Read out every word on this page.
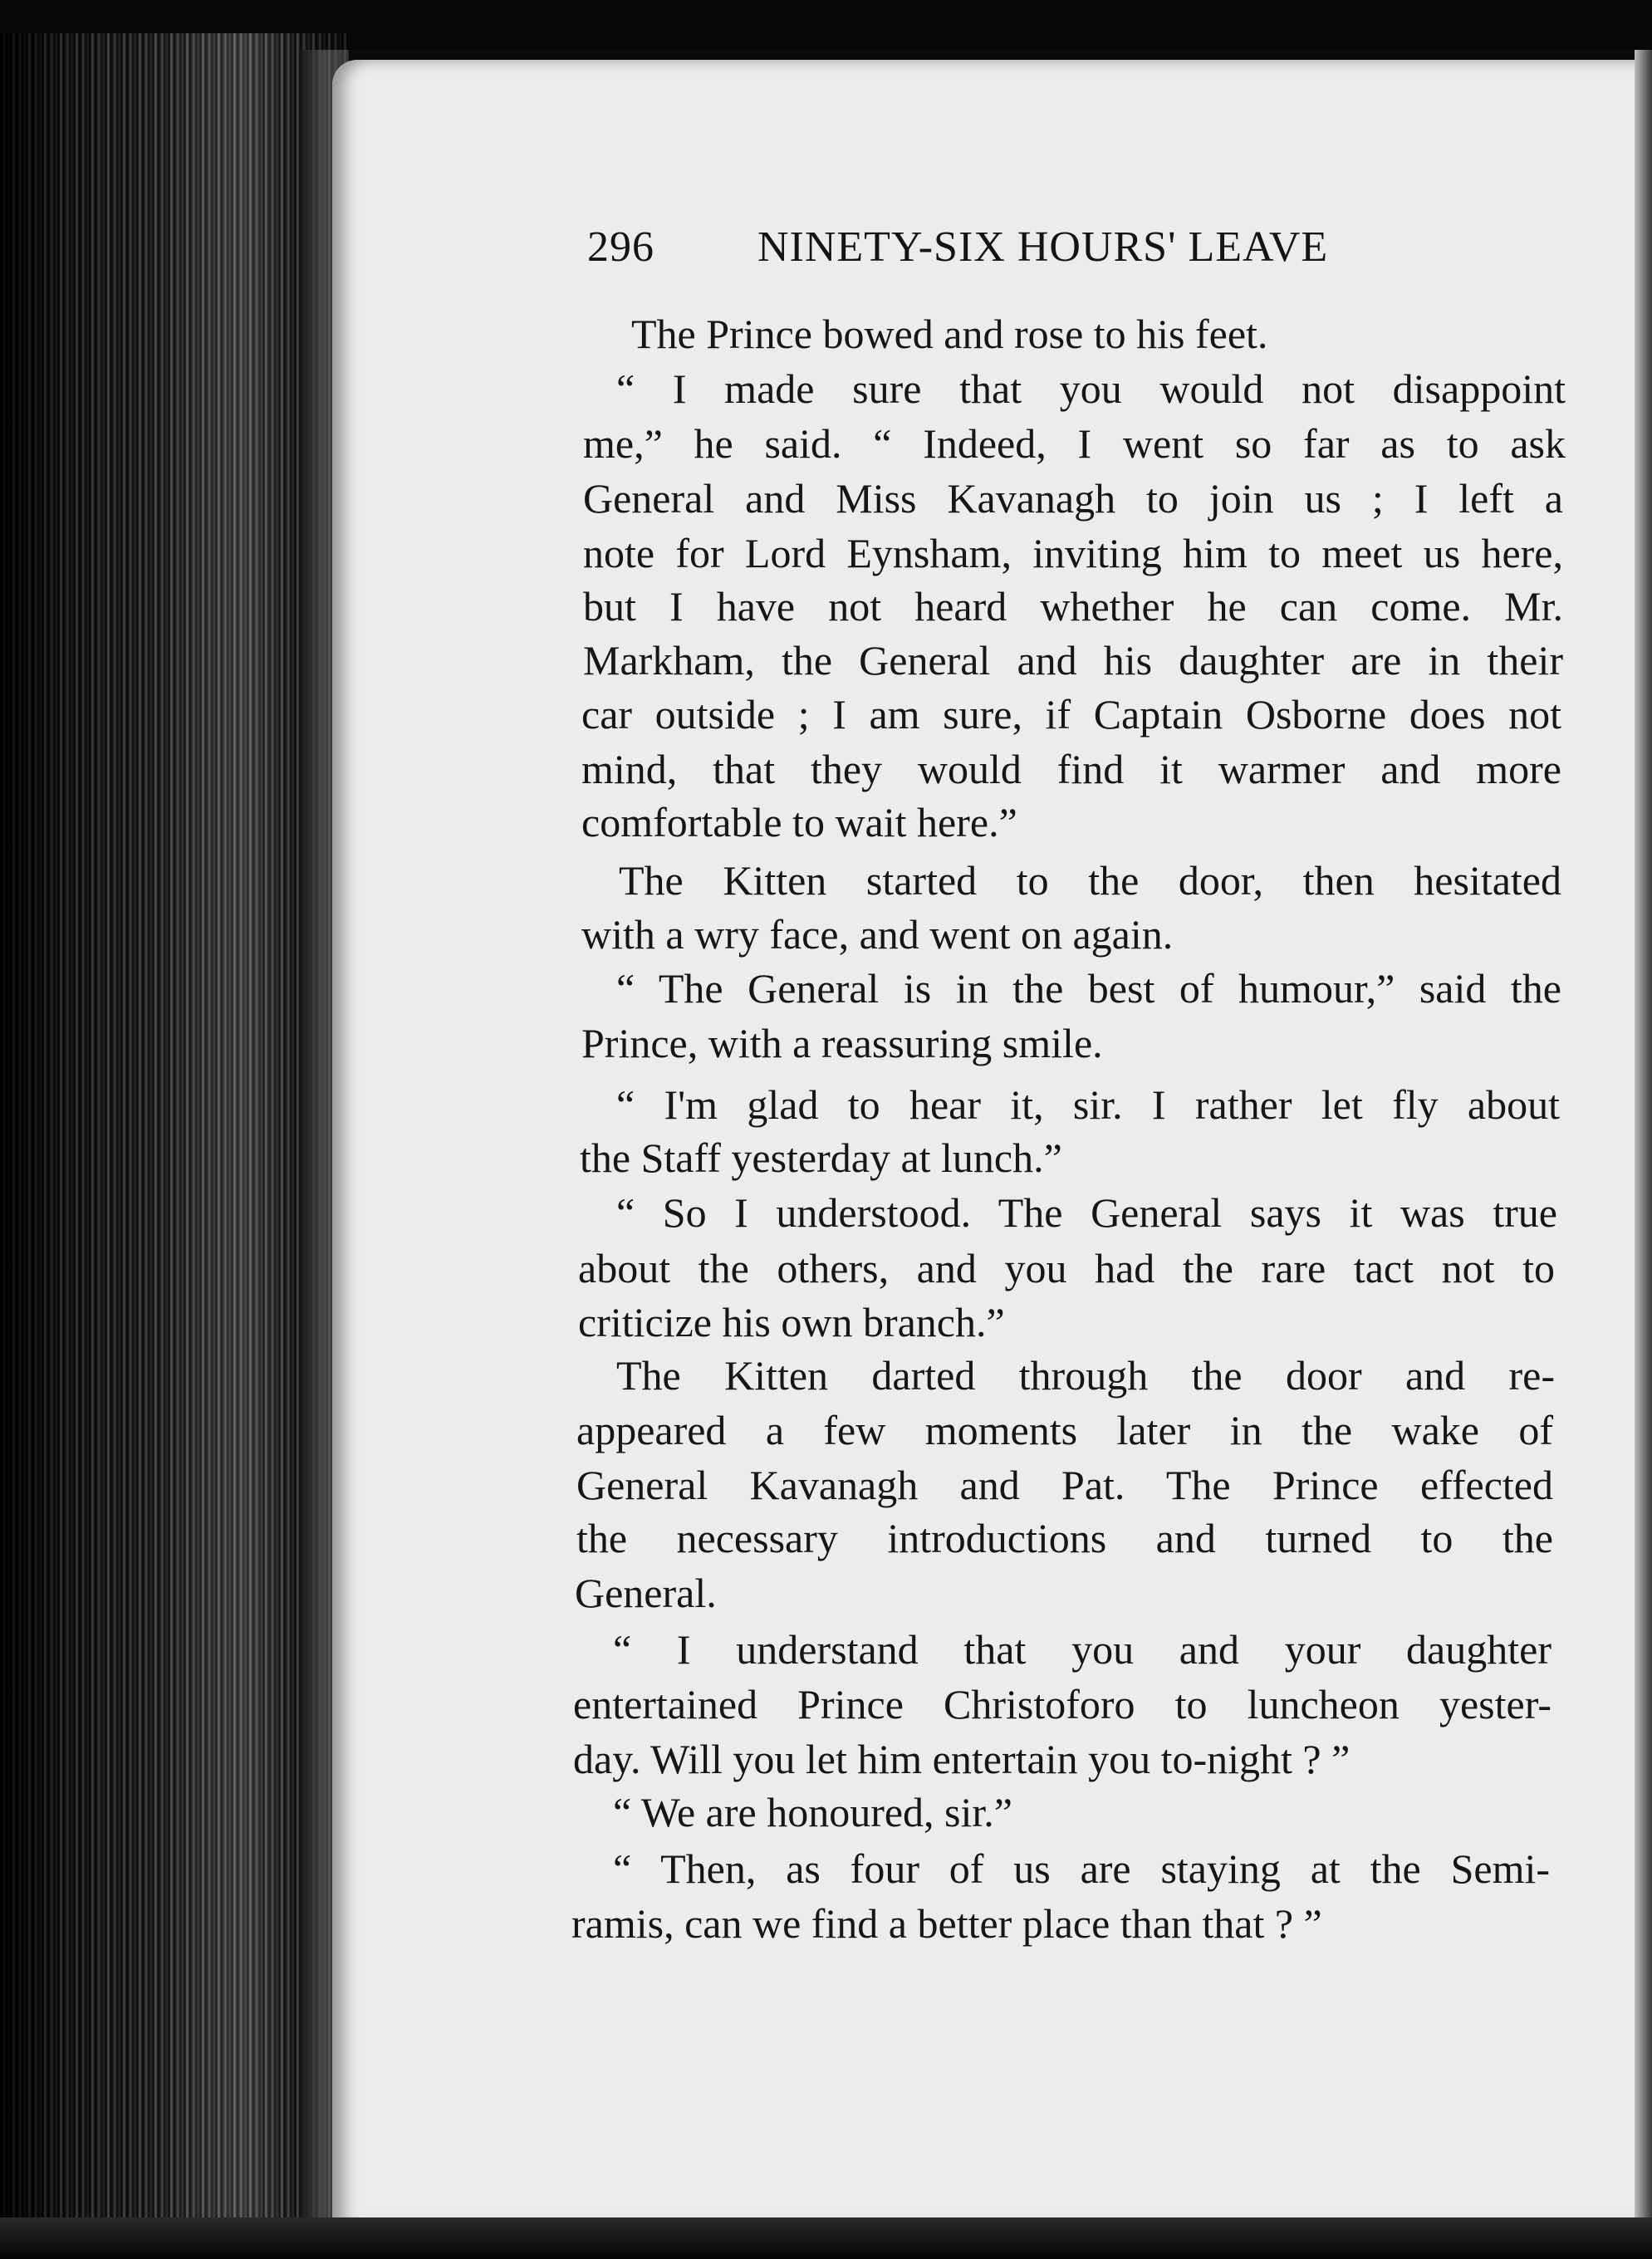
296 NINETY-SIX HOURS' LEAVE
The Prince bowed and rose to his feet.
“ I made sure that you would not disappoint
me,” he said. “ Indeed, I went so far as to ask
General and Miss Kavanagh to join us ; I left a
note for Lord Eynsham, inviting him to meet us here,
but I have not heard whether he can come. Mr.
Markham, the General and his daughter are in their
car outside ; I am sure, if Captain Osborne does not
mind, that they would find it warmer and more
comfortable to wait here.”
The Kitten started to the door, then hesitated
with a wry face, and went on again.
“ The General is in the best of humour,” said the
Prince, with a reassuring smile.
“ I'm glad to hear it, sir. I rather let fly about
the Staff yesterday at lunch.”
“ So I understood. The General says it was true
about the others, and you had the rare tact not to
criticize his own branch.”
The Kitten darted through the door and re-
appeared a few moments later in the wake of
General Kavanagh and Pat. The Prince effected
the necessary introductions and turned to the
General.
“ I understand that you and your daughter
entertained Prince Christoforo to luncheon yester-
day. Will you let him entertain you to-night ? ”
“ We are honoured, sir.”
“ Then, as four of us are staying at the Semi-
ramis, can we find a better place than that ? ”
